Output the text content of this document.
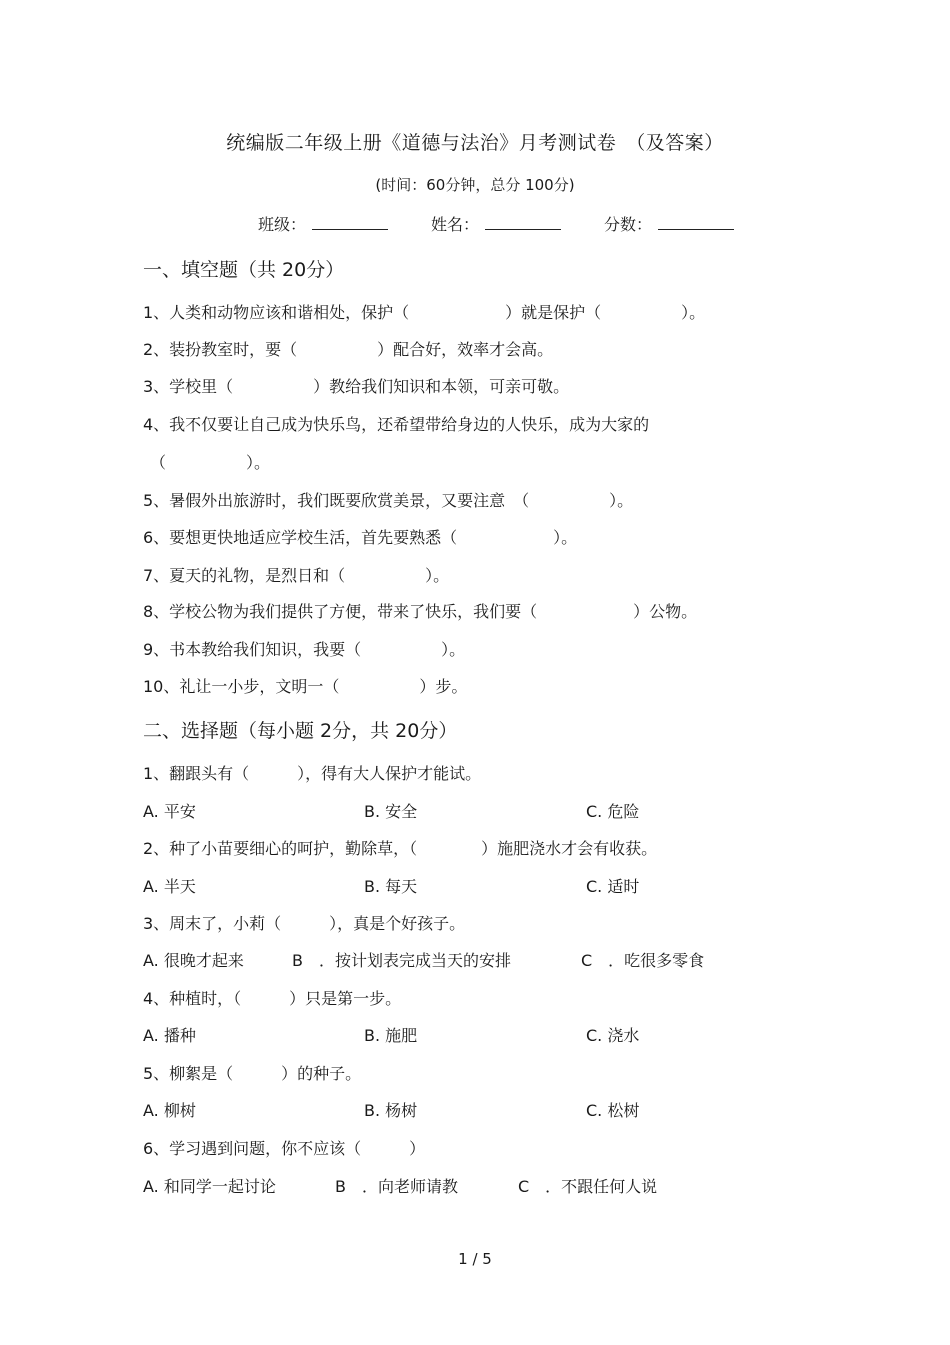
统编版二年级上册《道德与法治》月考测试卷　（及答案）
(时间：60分钟，总分 100分)
班级：	姓名：	分数：
一、填空题（共 20分）
1、人类和动物应该和谐相处，保护（　　　　　　）就是保护（　　　　　）。
2、装扮教室时，要（　　　　　）配合好，效率才会高。
3、学校里（　　　　　）教给我们知识和本领，可亲可敬。
4、我不仅要让自己成为快乐鸟，还希望带给身边的人快乐，成为大家的
（　　　　　）。
5、暑假外出旅游时，我们既要欣赏美景，又要注意　（　　　　　）。
6、要想更快地适应学校生活，首先要熟悉（　　　　　　）。
7、夏天的礼物，是烈日和（　　　　　）。
8、学校公物为我们提供了方便，带来了快乐，我们要（　　　　　　）公物。
9、书本教给我们知识，我要（　　　　　）。
10、礼让一小步，文明一（　　　　　）步。
二、选择题（每小题 2分，共 20分）
1、翻跟头有（　　　），得有大人保护才能试。
A. 平安	B. 安全	C. 危险
2、种了小苗要细心的呵护，勤除草，（　　　　）施肥浇水才会有收获。
A. 半天	B. 每天	C. 适时
3、周末了，小莉（　　　），真是个好孩子。
A. 很晚才起来	B　．按计划表完成当天的安排	C　．吃很多零食
4、种植时，（　　　）只是第一步。
A. 播种	B. 施肥	C. 浇水
5、柳絮是（　　　）的种子。
A. 柳树	B. 杨树	C. 松树
6、学习遇到问题，你不应该（　　　）
A. 和同学一起讨论	B　．向老师请教	C　．不跟任何人说
1 / 5
